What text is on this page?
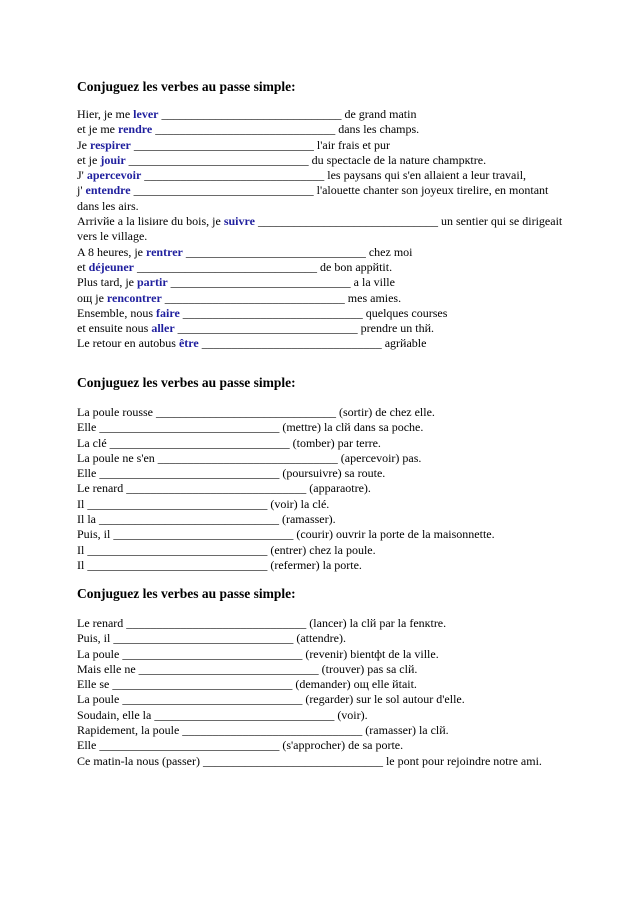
Conjuguez les verbes au passe simple:
Hier, je me lever ______________________________ de grand matin
et je me rendre ______________________________ dans les champs.
Je respirer ______________________________ l'air frais et pur
et je jouir ______________________________ du spectacle de la nature champкtre.
J' apercevoir ______________________________ les paysans qui s'en allaient a leur travail,
j' entendre ______________________________ l'alouette chanter son joyeux tirelire, en montant dans les airs.
Arrivйe a la lisiиre du bois, je suivre ______________________________ un sentier qui se dirigeait vers le village.
A 8 heures, je rentrer ______________________________ chez moi
et déjeuner ______________________________ de bon appйtit.
Plus tard, je partir ______________________________ a la ville
oщ je rencontrer ______________________________ mes amies.
Ensemble, nous faire ______________________________ quelques courses
et ensuite nous aller ______________________________ prendre un thй.
Le retour en autobus être ______________________________ agrйable
Conjuguez les verbes au passe simple:
La poule rousse ______________________________ (sortir) de chez elle.
Elle ______________________________ (mettre) la clй dans sa poche.
La clé ______________________________ (tomber) par terre.
La poule ne s'en ______________________________ (apercevoir) pas.
Elle ______________________________ (poursuivre) sa route.
Le renard ______________________________ (apparaotre).
Il ______________________________ (voir) la clé.
Il la ______________________________ (ramasser).
Puis, il ______________________________ (courir) ouvrir la porte de la maisonnette.
Il ______________________________ (entrer) chez la poule.
Il ______________________________ (refermer) la porte.
Conjuguez les verbes au passe simple:
Le renard ______________________________ (lancer) la clй par la fenкtre.
Puis, il ______________________________ (attendre).
La poule ______________________________ (revenir) bientфt de la ville.
Mais elle ne ______________________________ (trouver) pas sa clй.
Elle se ______________________________ (demander) oщ elle йtait.
La poule ______________________________ (regarder) sur le sol autour d'elle.
Soudain, elle la ______________________________ (voir).
Rapidement, la poule ______________________________ (ramasser) la clй.
Elle ______________________________ (s'approcher) de sa porte.
Ce matin-la nous (passer) ______________________________ le pont pour rejoindre notre ami.
